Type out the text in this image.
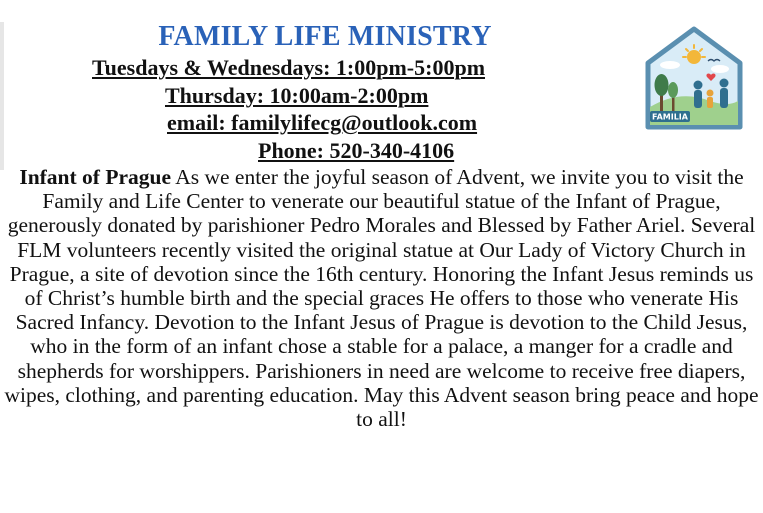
FAMILY LIFE MINISTRY
Tuesdays & Wednesdays: 1:00pm-5:00pm
Thursday: 10:00am-2:00pm
email: familylifecg@outlook.com
Phone: 520-340-4106
FAMILIA

Infant of Prague As we enter the joyful season of Advent, we invite you to visit the Family and Life Center to venerate our beautiful statue of the Infant of Prague, generously donated by parishioner Pedro Morales and Blessed by Father Ariel. Several FLM volunteers recently visited the original statue at Our Lady of Victory Church in Prague, a site of devotion since the 16th century. Honoring the Infant Jesus reminds us of Christ’s humble birth and the special graces He offers to those who venerate His Sacred Infancy. Devotion to the Infant Jesus of Prague is devotion to the Child Jesus, who in the form of an infant chose a stable for a palace, a manger for a cradle and shepherds for worshippers. Parishioners in need are welcome to receive free diapers, wipes, clothing, and parenting education. May this Advent season bring peace and hope to all!
